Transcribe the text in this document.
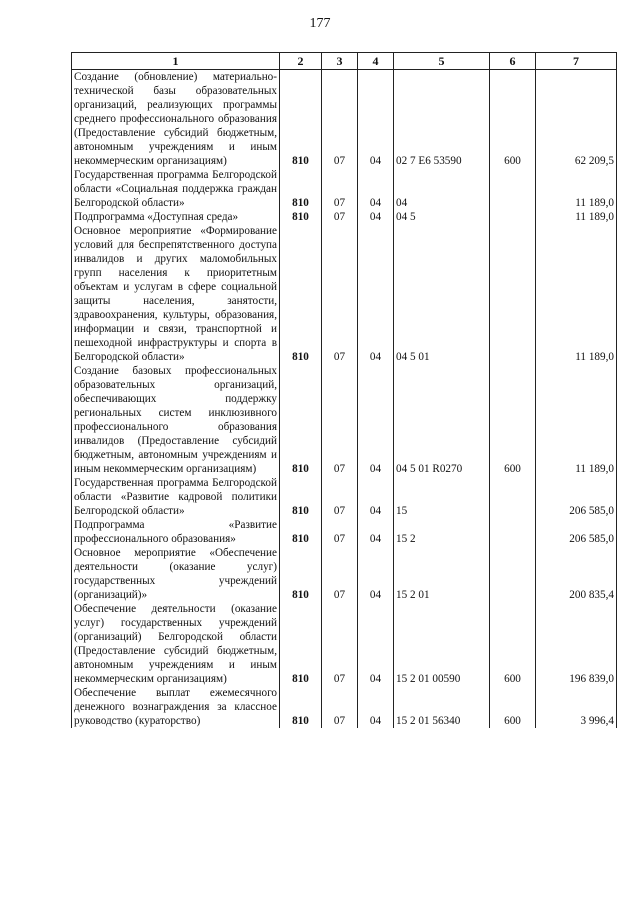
177
1	2	3	4	5	6	7
Создание (обновление) материально-технической базы образовательных организаций, реализующих программы среднего профессионального образования (Предоставление субсидий бюджетным, автономным учреждениям и иным некоммерческим организациям)	810	07	04	02 7 Е6 53590	600	62 209,5
Государственная программа Белгородской области «Социальная поддержка граждан Белгородской области»	810	07	04	04		11 189,0
Подпрограмма «Доступная среда»	810	07	04	04 5		11 189,0
Основное мероприятие «Формирование условий для беспрепятственного доступа инвалидов и других маломобильных групп населения к приоритетным объектам и услугам в сфере социальной защиты населения, занятости, здравоохранения, культуры, образования, информации и связи, транспортной и пешеходной инфраструктуры и спорта в Белгородской области»	810	07	04	04 5 01		11 189,0
Создание базовых профессиональных образовательных организаций, обеспечивающих поддержку региональных систем инклюзивного профессионального образования инвалидов (Предоставление субсидий бюджетным, автономным учреждениям и иным некоммерческим организациям)	810	07	04	04 5 01 R0270	600	11 189,0
Государственная программа Белгородской области «Развитие кадровой политики Белгородской области»	810	07	04	15		206 585,0
Подпрограмма «Развитие профессионального образования»	810	07	04	15 2		206 585,0
Основное мероприятие «Обеспечение деятельности (оказание услуг) государственных учреждений (организаций)»	810	07	04	15 2 01		200 835,4
Обеспечение деятельности (оказание услуг) государственных учреждений (организаций) Белгородской области (Предоставление субсидий бюджетным, автономным учреждениям и иным некоммерческим организациям)	810	07	04	15 2 01 00590	600	196 839,0
Обеспечение выплат ежемесячного денежного вознаграждения за классное руководство (кураторство)	810	07	04	15 2 01 56340	600	3 996,4
